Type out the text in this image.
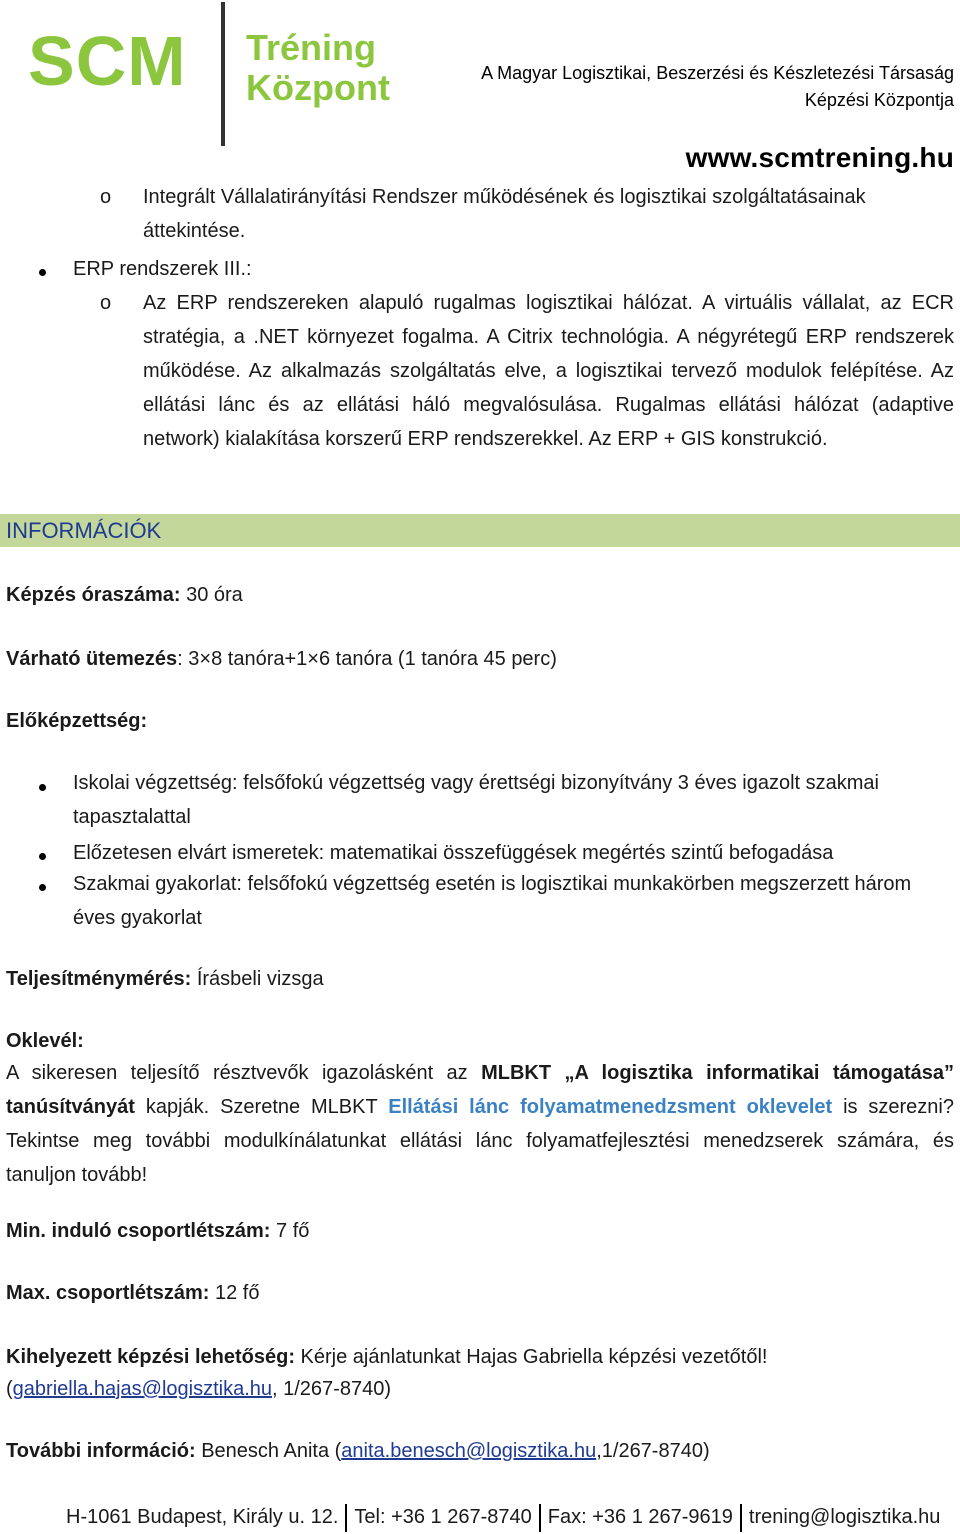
SCM Tréning
Központ	A Magyar Logisztikai, Beszerzési és Készletezési Társaság
Képzési Központja
www.scmtrening.hu
o Integrált Vállalatirányítási Rendszer működésének és logisztikai szolgáltatásainak áttekintése.
ERP rendszerek III.:
o Az ERP rendszereken alapuló rugalmas logisztikai hálózat. A virtuális vállalat, az ECR stratégia, a .NET környezet fogalma. A Citrix technológia. A négyrétegű ERP rendszerek működése. Az alkalmazás szolgáltatás elve, a logisztikai tervező modulok felépítése. Az ellátási lánc és az ellátási háló megvalósulása. Rugalmas ellátási hálózat (adaptive network) kialakítása korszerű ERP rendszerekkel. Az ERP + GIS konstrukció.
INFORMÁCIÓK
Képzés óraszáma: 30 óra
Várható ütemezés: 3×8 tanóra+1×6 tanóra (1 tanóra 45 perc)
Előképzettség:
Iskolai végzettség: felsőfokú végzettség vagy érettségi bizonyítvány 3 éves igazolt szakmai tapasztalattal
Előzetesen elvárt ismeretek: matematikai összefüggések megértés szintű befogadása
Szakmai gyakorlat: felsőfokú végzettség esetén is logisztikai munkakörben megszerzett három éves gyakorlat
Teljesítménymérés: Írásbeli vizsga
Oklevél:
A sikeresen teljesítő résztvevők igazolásként az MLBKT „A logisztika informatikai támogatása” tanúsítványát kapják. Szeretne MLBKT Ellátási lánc folyamatmenedzsment oklevelet is szerezni? Tekintse meg további modulkínálatunkat ellátási lánc folyamatfejlesztési menedzserek számára, és tanuljon tovább!
Min. induló csoportlétszám: 7 fő
Max. csoportlétszám: 12 fő
Kihelyezett képzési lehetőség: Kérje ajánlatunkat Hajas Gabriella képzési vezetőtől!
(gabriella.hajas@logisztika.hu, 1/267-8740)
További információ: Benesch Anita (anita.benesch@logisztika.hu,1/267-8740)
H-1061 Budapest, Király u. 12. Tel: +36 1 267-8740 Fax: +36 1 267-9619 trening@logisztika.hu
